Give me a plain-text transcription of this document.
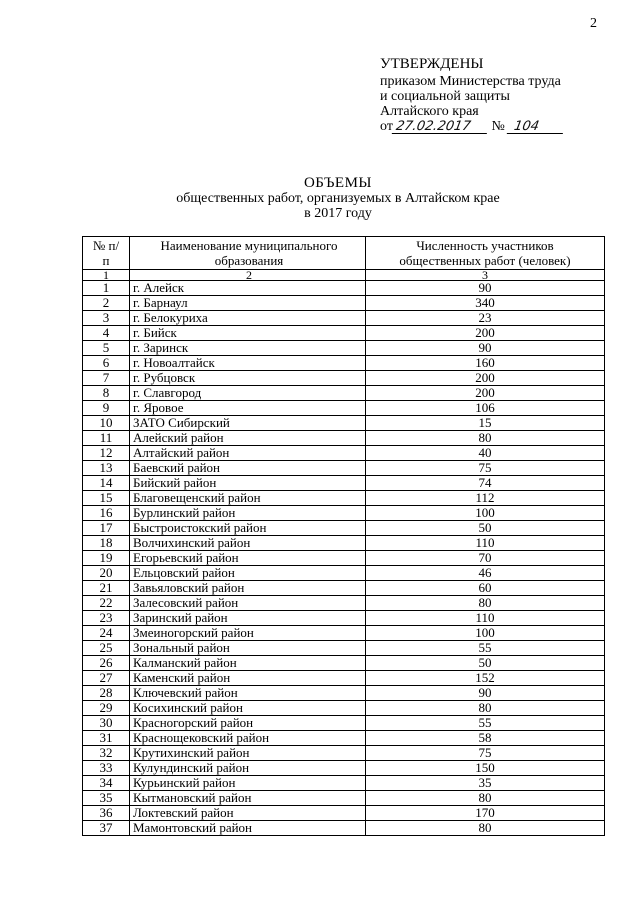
2
УТВЕРЖДЕНЫ
приказом Министерства труда
и социальной защиты
Алтайского края
от 27.02.2017 № 104
ОБЪЕМЫ
общественных работ, организуемых в Алтайском крае
в 2017 году
№ п/п	Наименование муниципального образования	Численность участников общественных работ (человек)
1	2	3
1	г. Алейск	90
2	г. Барнаул	340
3	г. Белокуриха	23
4	г. Бийск	200
5	г. Заринск	90
6	г. Новоалтайск	160
7	г. Рубцовск	200
8	г. Славгород	200
9	г. Яровое	106
10	ЗАТО Сибирский	15
11	Алейский район	80
12	Алтайский район	40
13	Баевский район	75
14	Бийский район	74
15	Благовещенский район	112
16	Бурлинский район	100
17	Быстроистокский район	50
18	Волчихинский район	110
19	Егорьевский район	70
20	Ельцовский район	46
21	Завьяловский район	60
22	Залесовский район	80
23	Заринский район	110
24	Змеиногорский район	100
25	Зональный район	55
26	Калманский район	50
27	Каменский район	152
28	Ключевский район	90
29	Косихинский район	80
30	Красногорский район	55
31	Краснощековский район	58
32	Крутихинский район	75
33	Кулундинский район	150
34	Курьинский район	35
35	Кытмановский район	80
36	Локтевский район	170
37	Мамонтовский район	80
